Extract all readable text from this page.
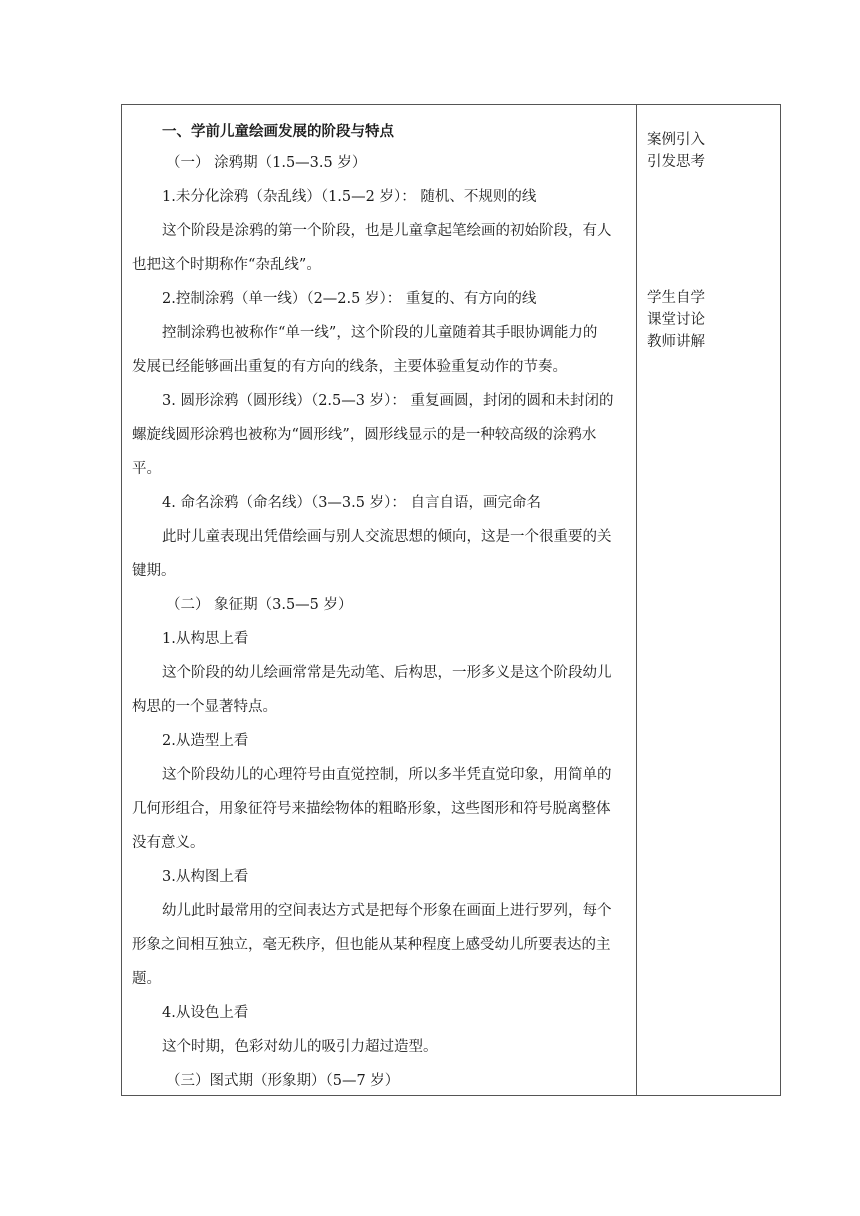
一、学前儿童绘画发展的阶段与特点

（一） 涂鸦期（1.5—3.5 岁）

1.未分化涂鸦（杂乱线）（1.5—2 岁）： 随机、不规则的线

这个阶段是涂鸦的第一个阶段，也是儿童拿起笔绘画的初始阶段，有人

也把这个时期称作“杂乱线”。

2.控制涂鸦（单一线）（2—2.5 岁）： 重复的、有方向的线

控制涂鸦也被称作“单一线”，这个阶段的儿童随着其手眼协调能力的

发展已经能够画出重复的有方向的线条，主要体验重复动作的节奏。

3. 圆形涂鸦（圆形线）（2.5—3 岁）： 重复画圆，封闭的圆和未封闭的

螺旋线圆形涂鸦也被称为“圆形线”，圆形线显示的是一种较高级的涂鸦水

平。

4. 命名涂鸦（命名线）（3—3.5 岁）： 自言自语，画完命名

此时儿童表现出凭借绘画与别人交流思想的倾向，这是一个很重要的关

键期。

（二） 象征期（3.5—5 岁）

1.从构思上看

这个阶段的幼儿绘画常常是先动笔、后构思，一形多义是这个阶段幼儿

构思的一个显著特点。

2.从造型上看

这个阶段幼儿的心理符号由直觉控制，所以多半凭直觉印象，用简单的

几何形组合，用象征符号来描绘物体的粗略形象，这些图形和符号脱离整体

没有意义。

3.从构图上看

幼儿此时最常用的空间表达方式是把每个形象在画面上进行罗列，每个

形象之间相互独立，毫无秩序，但也能从某种程度上感受幼儿所要表达的主

题。

4.从设色上看

这个时期，色彩对幼儿的吸引力超过造型。

（三）图式期（形象期）（5—7 岁）

案例引入

引发思考

学生自学

课堂讨论

教师讲解
